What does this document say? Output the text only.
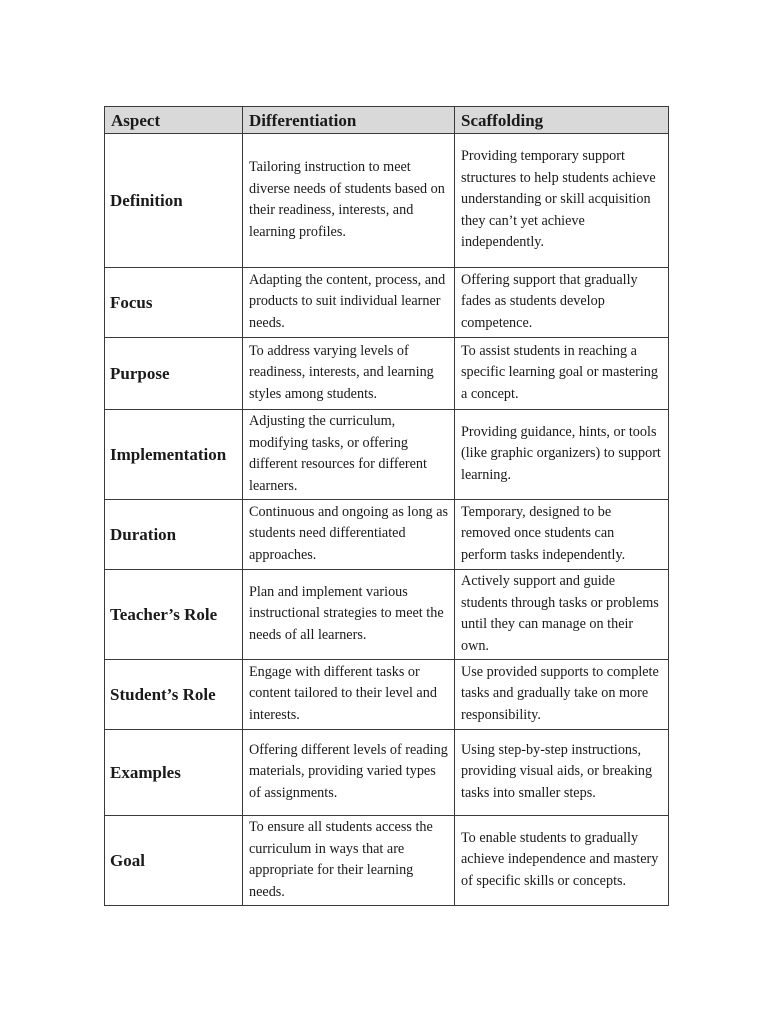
Aspect	Differentiation	Scaffolding
Definition	Tailoring instruction to meet diverse needs of students based on their readiness, interests, and learning profiles.	Providing temporary support structures to help students achieve understanding or skill acquisition they can’t yet achieve independently.
Focus	Adapting the content, process, and products to suit individual learner needs.	Offering support that gradually fades as students develop competence.
Purpose	To address varying levels of readiness, interests, and learning styles among students.	To assist students in reaching a specific learning goal or mastering a concept.
Implementation	Adjusting the curriculum, modifying tasks, or offering different resources for different learners.	Providing guidance, hints, or tools (like graphic organizers) to support learning.
Duration	Continuous and ongoing as long as students need differentiated approaches.	Temporary, designed to be removed once students can perform tasks independently.
Teacher’s Role	Plan and implement various instructional strategies to meet the needs of all learners.	Actively support and guide students through tasks or problems until they can manage on their own.
Student’s Role	Engage with different tasks or content tailored to their level and interests.	Use provided supports to complete tasks and gradually take on more responsibility.
Examples	Offering different levels of reading materials, providing varied types of assignments.	Using step-by-step instructions, providing visual aids, or breaking tasks into smaller steps.
Goal	To ensure all students access the curriculum in ways that are appropriate for their learning needs.	To enable students to gradually achieve independence and mastery of specific skills or concepts.
